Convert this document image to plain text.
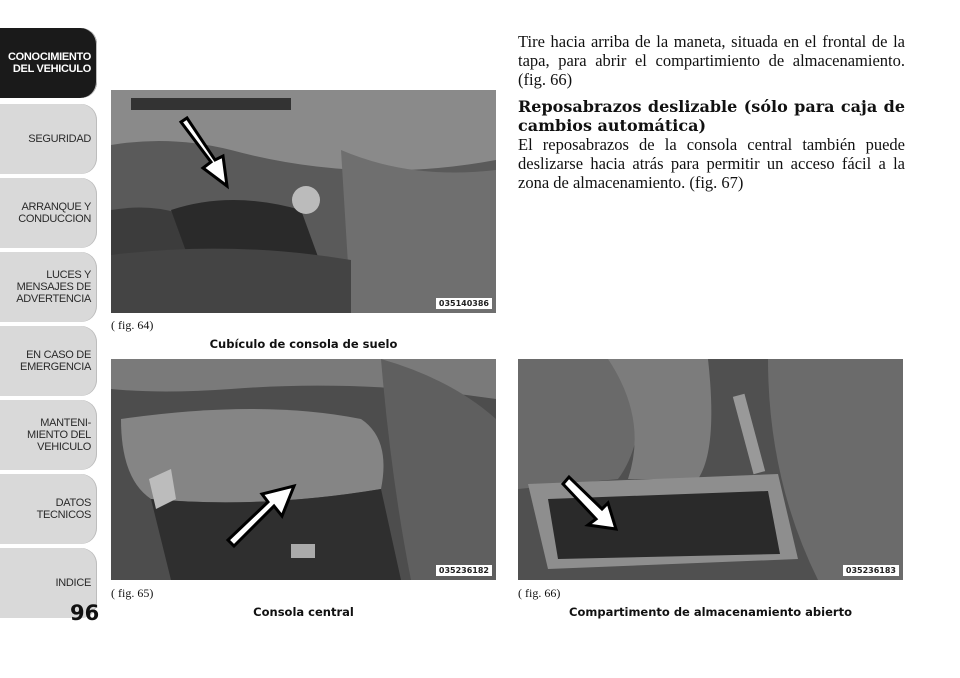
CONOCIMIENTO
DEL VEHICULO
SEGURIDAD
ARRANQUE Y
CONDUCCION
LUCES Y
MENSAJES DE
ADVERTENCIA
EN CASO DE
EMERGENCIA
MANTENI-
MIENTO DEL
VEHICULO
DATOS
TECNICOS
INDICE
96
035140386
( fig. 64)
Cubículo de consola de suelo
035236182
( fig. 65)
Consola central
035236183
( fig. 66)
Compartimento de almacenamiento abierto

Tire hacia arriba de la maneta, situada en el frontal de la tapa, para abrir el compartimiento de almacenamiento. (fig. 66)

Reposabrazos deslizable (sólo para caja de cambios automática)

El reposabrazos de la consola central también puede deslizarse hacia atrás para permitir un acceso fácil a la zona de almacenamiento. (fig. 67)
